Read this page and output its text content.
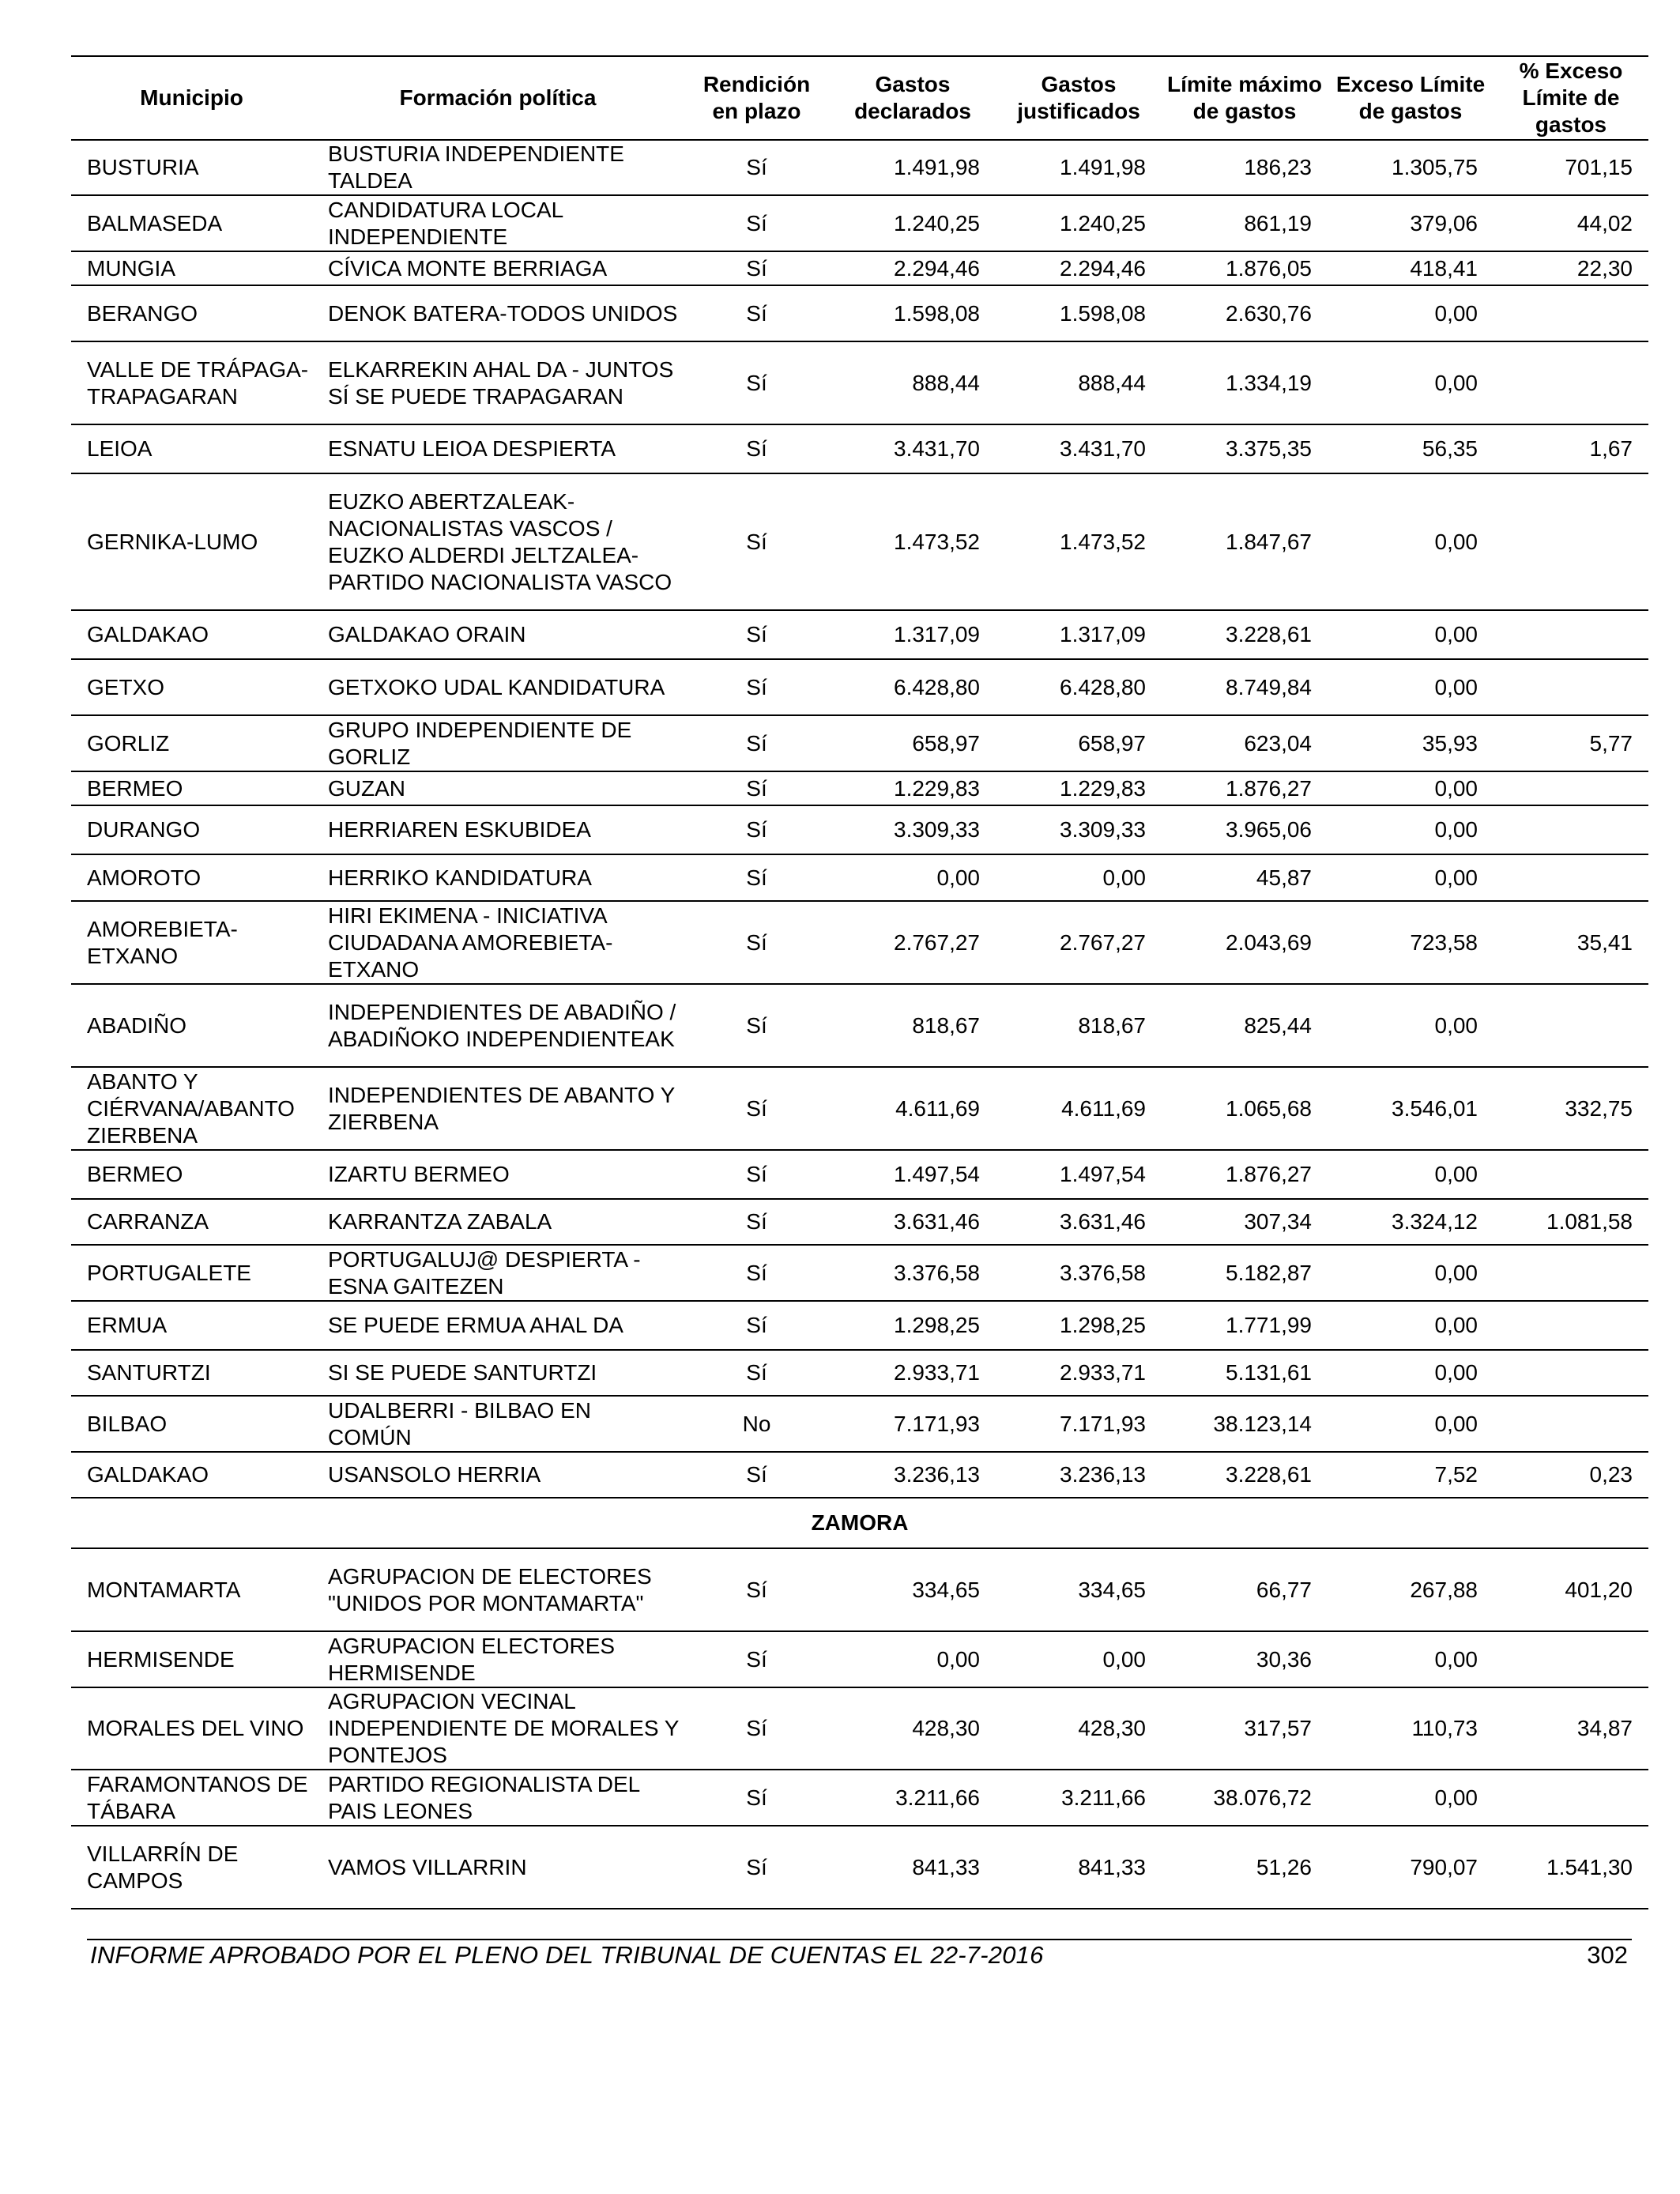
Municipio	Formación política	Rendición en plazo	Gastos declarados	Gastos justificados	Límite máximo de gastos	Exceso Límite de gastos	% Exceso Límite de gastos
BUSTURIA	BUSTURIA INDEPENDIENTE TALDEA	Sí	1.491,98	1.491,98	186,23	1.305,75	701,15
BALMASEDA	CANDIDATURA LOCAL INDEPENDIENTE	Sí	1.240,25	1.240,25	861,19	379,06	44,02
MUNGIA	CÍVICA MONTE BERRIAGA	Sí	2.294,46	2.294,46	1.876,05	418,41	22,30
BERANGO	DENOK BATERA-TODOS UNIDOS	Sí	1.598,08	1.598,08	2.630,76	0,00	
VALLE DE TRÁPAGA-TRAPAGARAN	ELKARREKIN AHAL DA - JUNTOS SÍ SE PUEDE TRAPAGARAN	Sí	888,44	888,44	1.334,19	0,00	
LEIOA	ESNATU LEIOA DESPIERTA	Sí	3.431,70	3.431,70	3.375,35	56,35	1,67
GERNIKA-LUMO	EUZKO ABERTZALEAK-NACIONALISTAS VASCOS / EUZKO ALDERDI JELTZALEA-PARTIDO NACIONALISTA VASCO	Sí	1.473,52	1.473,52	1.847,67	0,00	
GALDAKAO	GALDAKAO ORAIN	Sí	1.317,09	1.317,09	3.228,61	0,00	
GETXO	GETXOKO UDAL KANDIDATURA	Sí	6.428,80	6.428,80	8.749,84	0,00	
GORLIZ	GRUPO INDEPENDIENTE DE GORLIZ	Sí	658,97	658,97	623,04	35,93	5,77
BERMEO	GUZAN	Sí	1.229,83	1.229,83	1.876,27	0,00	
DURANGO	HERRIAREN ESKUBIDEA	Sí	3.309,33	3.309,33	3.965,06	0,00	
AMOROTO	HERRIKO KANDIDATURA	Sí	0,00	0,00	45,87	0,00	
AMOREBIETA-ETXANO	HIRI EKIMENA - INICIATIVA CIUDADANA AMOREBIETA-ETXANO	Sí	2.767,27	2.767,27	2.043,69	723,58	35,41
ABADIÑO	INDEPENDIENTES DE ABADIÑO / ABADIÑOKO INDEPENDIENTEAK	Sí	818,67	818,67	825,44	0,00	
ABANTO Y CIÉRVANA/ABANTO ZIERBENA	INDEPENDIENTES DE ABANTO Y ZIERBENA	Sí	4.611,69	4.611,69	1.065,68	3.546,01	332,75
BERMEO	IZARTU BERMEO	Sí	1.497,54	1.497,54	1.876,27	0,00	
CARRANZA	KARRANTZA ZABALA	Sí	3.631,46	3.631,46	307,34	3.324,12	1.081,58
PORTUGALETE	PORTUGALUJ@ DESPIERTA - ESNA GAITEZEN	Sí	3.376,58	3.376,58	5.182,87	0,00	
ERMUA	SE PUEDE ERMUA AHAL DA	Sí	1.298,25	1.298,25	1.771,99	0,00	
SANTURTZI	SI SE PUEDE SANTURTZI	Sí	2.933,71	2.933,71	5.131,61	0,00	
BILBAO	UDALBERRI - BILBAO EN COMÚN	No	7.171,93	7.171,93	38.123,14	0,00	
GALDAKAO	USANSOLO HERRIA	Sí	3.236,13	3.236,13	3.228,61	7,52	0,23
ZAMORA							
MONTAMARTA	AGRUPACION DE ELECTORES "UNIDOS POR MONTAMARTA"	Sí	334,65	334,65	66,77	267,88	401,20
HERMISENDE	AGRUPACION ELECTORES HERMISENDE	Sí	0,00	0,00	30,36	0,00	
MORALES DEL VINO	AGRUPACION VECINAL INDEPENDIENTE DE MORALES Y PONTEJOS	Sí	428,30	428,30	317,57	110,73	34,87
FARAMONTANOS DE TÁBARA	PARTIDO REGIONALISTA DEL PAIS LEONES	Sí	3.211,66	3.211,66	38.076,72	0,00	
VILLARRÍN DE CAMPOS	VAMOS VILLARRIN	Sí	841,33	841,33	51,26	790,07	1.541,30
INFORME APROBADO POR EL PLENO DEL TRIBUNAL DE CUENTAS EL 22-7-2016	302
